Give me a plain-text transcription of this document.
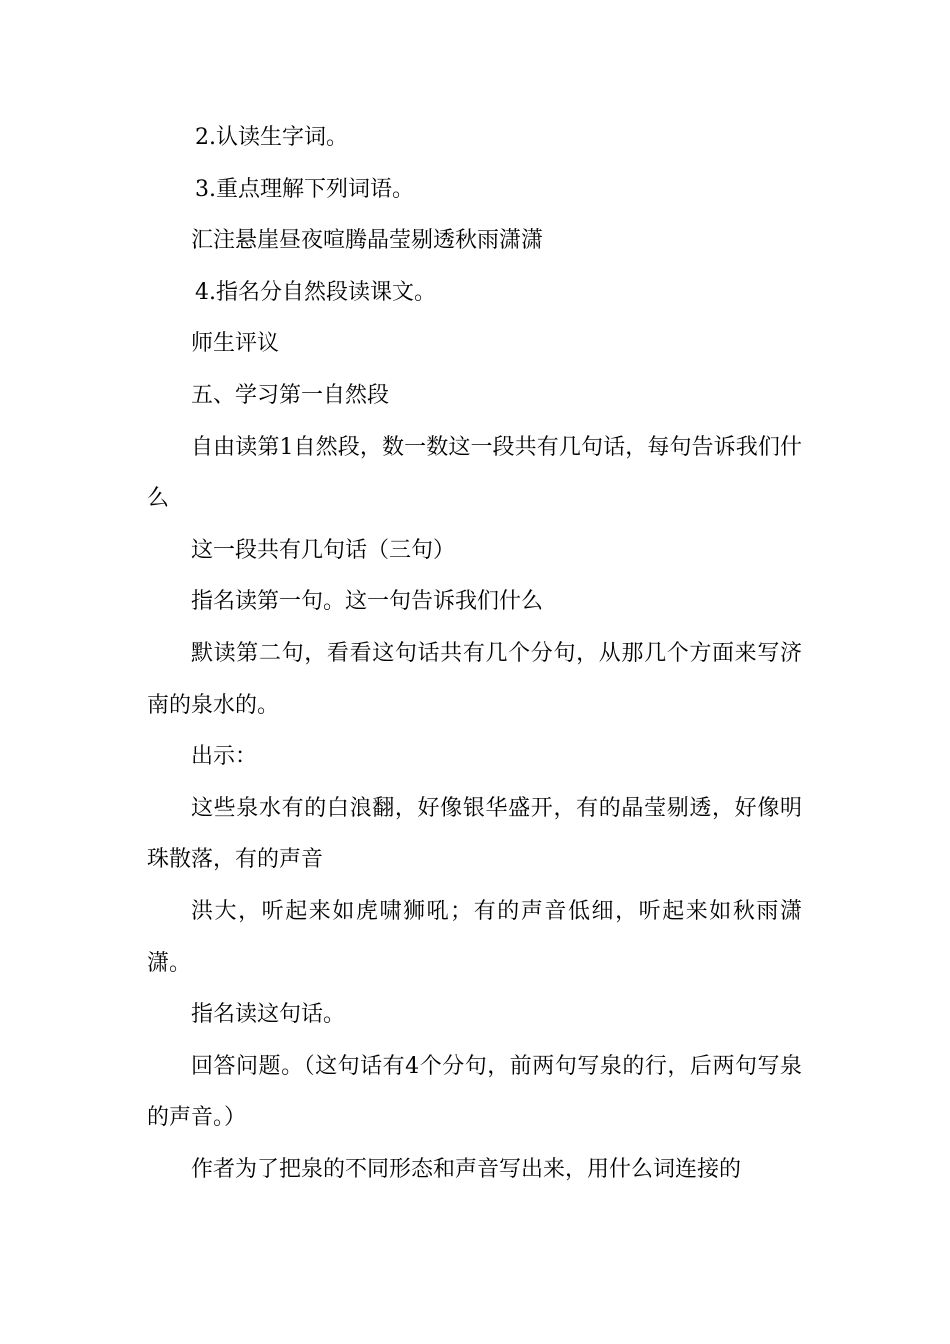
2.认读生字词。

3.重点理解下列词语。

汇注悬崖昼夜喧腾晶莹剔透秋雨潇潇

4.指名分自然段读课文。

师生评议

五、学习第一自然段

自由读第1自然段，数一数这一段共有几句话，每句告诉我们什么

这一段共有几句话（三句）

指名读第一句。这一句告诉我们什么

默读第二句，看看这句话共有几个分句，从那几个方面来写济南的泉水的。

出示：

这些泉水有的白浪翻，好像银华盛开，有的晶莹剔透，好像明珠散落，有的声音

洪大，听起来如虎啸狮吼；有的声音低细，听起来如秋雨潇潇。

指名读这句话。

回答问题。（这句话有4个分句，前两句写泉的行，后两句写泉的声音。）

作者为了把泉的不同形态和声音写出来，用什么词连接的
